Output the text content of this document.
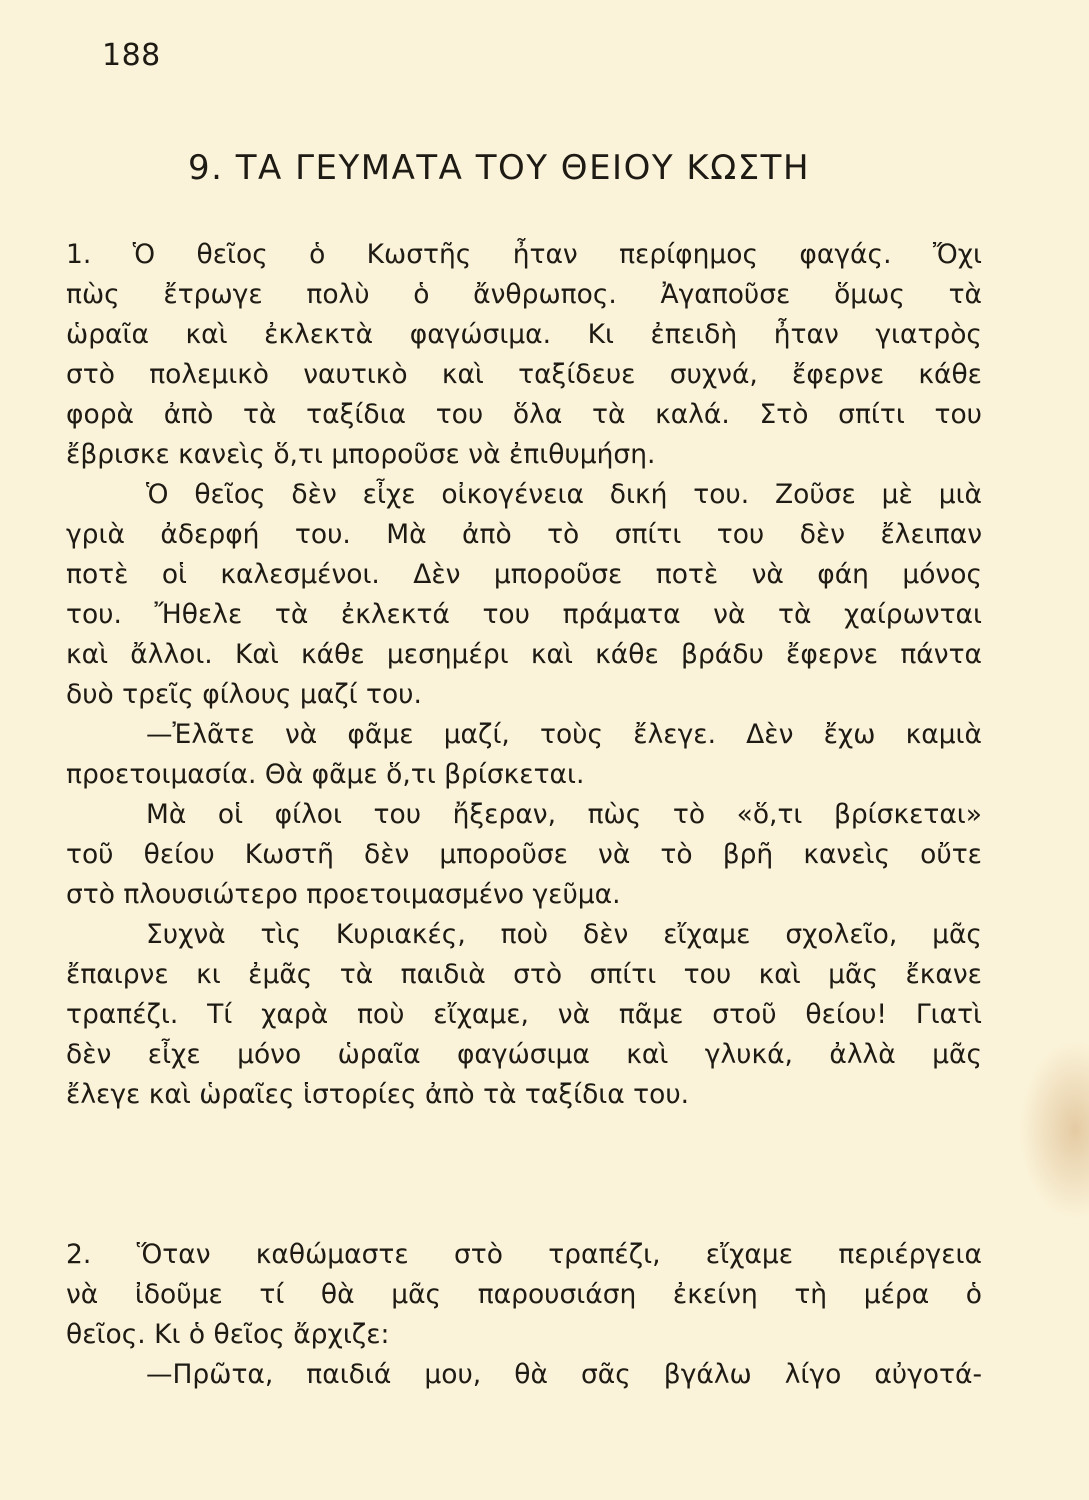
188
9. ΤΑ ΓΕΥΜΑΤΑ ΤΟΥ ΘΕΙΟΥ ΚΩΣΤΗ
1. Ὁ θεῖος ὁ Κωστῆς ἦταν περίφημος φαγάς. Ὄχι
πὼς ἔτρωγε πολὺ ὁ ἄνθρωπος. Ἀγαποῦσε ὅμως τὰ
ὡραῖα καὶ ἐκλεκτὰ φαγώσιμα. Κι ἐπειδὴ ἦταν γιατρὸς
στὸ πολεμικὸ ναυτικὸ καὶ ταξίδευε συχνά, ἔφερνε κάθε
φορὰ ἀπὸ τὰ ταξίδια του ὅλα τὰ καλά. Στὸ σπίτι του
ἔβρισκε κανεὶς ὅ,τι μποροῦσε νὰ ἐπιθυμήση.
Ὁ θεῖος δὲν εἶχε οἰκογένεια δική του. Ζοῦσε μὲ μιὰ
γριὰ ἀδερφή του. Μὰ ἀπὸ τὸ σπίτι του δὲν ἔλειπαν
ποτὲ οἱ καλεσμένοι. Δὲν μποροῦσε ποτὲ νὰ φάη μόνος
του. Ἤθελε τὰ ἐκλεκτά του πράματα νὰ τὰ χαίρωνται
καὶ ἄλλοι. Καὶ κάθε μεσημέρι καὶ κάθε βράδυ ἔφερνε πάντα
δυὸ τρεῖς φίλους μαζί του.
—Ἐλᾶτε νὰ φᾶμε μαζί, τοὺς ἔλεγε. Δὲν ἔχω καμιὰ
προετοιμασία. Θὰ φᾶμε ὅ,τι βρίσκεται.
Μὰ οἱ φίλοι του ἤξεραν, πὼς τὸ «ὅ,τι βρίσκεται»
τοῦ θείου Κωστῆ δὲν μποροῦσε νὰ τὸ βρῆ κανεὶς οὔτε
στὸ πλουσιώτερο προετοιμασμένο γεῦμα.
Συχνὰ τὶς Κυριακές, ποὺ δὲν εἴχαμε σχολεῖο, μᾶς
ἔπαιρνε κι ἐμᾶς τὰ παιδιὰ στὸ σπίτι του καὶ μᾶς ἔκανε
τραπέζι. Τί χαρὰ ποὺ εἴχαμε, νὰ πᾶμε στοῦ θείου! Γιατὶ
δὲν εἶχε μόνο ὡραῖα φαγώσιμα καὶ γλυκά, ἀλλὰ μᾶς
ἔλεγε καὶ ὡραῖες ἱστορίες ἀπὸ τὰ ταξίδια του.
2. Ὅταν καθώμαστε στὸ τραπέζι, εἴχαμε περιέργεια
νὰ ἰδοῦμε τί θὰ μᾶς παρουσιάση ἐκείνη τὴ μέρα ὁ
θεῖος. Κι ὁ θεῖος ἄρχιζε:
—Πρῶτα, παιδιά μου, θὰ σᾶς βγάλω λίγο αὐγοτά-
